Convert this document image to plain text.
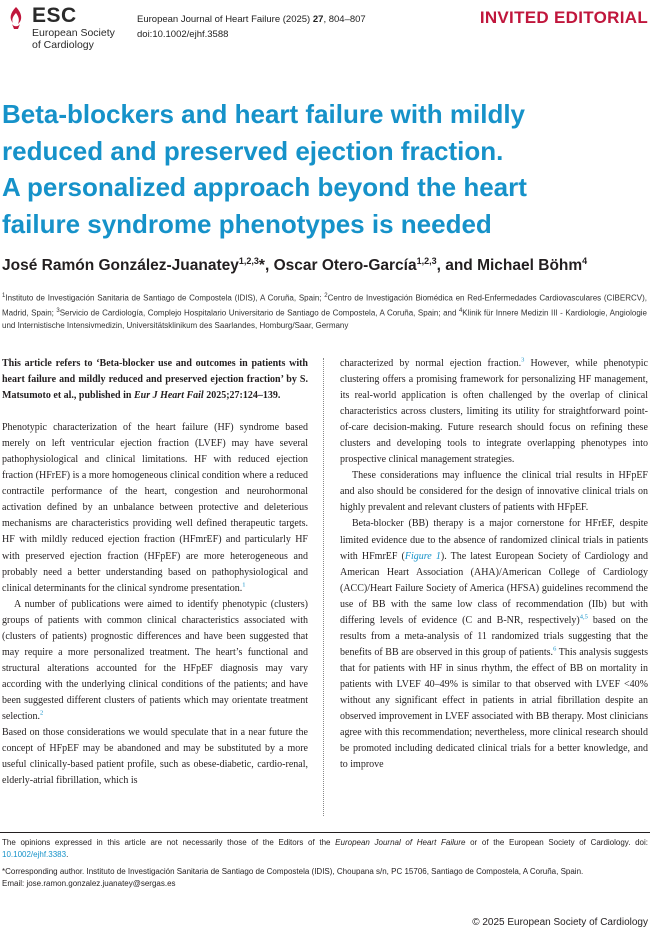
ESC
European Society
of Cardiology
European Journal of Heart Failure (2025) 27, 804–807
doi:10.1002/ejhf.3588
INVITED EDITORIAL
Beta-blockers and heart failure with mildly
reduced and preserved ejection fraction.
A personalized approach beyond the heart
failure syndrome phenotypes is needed
José Ramón González-Juanatey$^{1,2,3}$*, Oscar Otero-García$^{1,2,3}$, and Michael Böhm$^4$
$^1$Instituto de Investigación Sanitaria de Santiago de Compostela (IDIS), A Coruña, Spain; $^2$Centro de Investigación Biomédica en Red-Enfermedades Cardiovasculares (CIBERCV), Madrid, Spain; $^3$Servicio de Cardiología, Complejo Hospitalario Universitario de Santiago de Compostela, A Coruña, Spain; and $^4$Klinik für Innere Medizin III - Kardiologie, Angiologie und Internistische Intensivmedizin, Universitätsklinikum des Saarlandes, Homburg/Saar, Germany

This article refers to ‘Beta-blocker use and outcomes in patients with heart failure and mildly reduced and preserved ejection fraction’ by S. Matsumoto et al., published in Eur J Heart Fail 2025;27:124–139.

Phenotypic characterization of the heart failure (HF) syndrome based merely on left ventricular ejection fraction (LVEF) may have several pathophysiological and clinical limitations. HF with reduced ejection fraction (HFrEF) is a more homogeneous clinical condition where a reduced contractile performance of the heart, congestion and neurohormonal activation defined by an unbalance between protective and deleterious mechanisms are characteristics providing well defined therapeutic targets. HF with mildly reduced ejection fraction (HFmrEF) and particularly HF with preserved ejection fraction (HFpEF) are more heterogeneous and probably need a better understanding based on pathophysiological and clinical determinants for the clinical syndrome presentation.$^1$

A number of publications were aimed to identify phenotypic (clusters) groups of patients with common clinical characteristics associated with (clusters of patients) prognostic differences and have been suggested that may require a more personalized treatment. The heart’s functional and structural alterations accounted for the HFpEF diagnosis may vary according with the underlying clinical conditions of the patients; and have been suggested different clusters of patients which may orientate treatment selection.$^2$

Based on those considerations we would speculate that in a near future the concept of HFpEF may be abandoned and may be substituted by a more useful clinically-based patient profile, such as obese-diabetic, cardio-renal, elderly-atrial fibrillation, which is

characterized by normal ejection fraction.$^3$ However, while phenotypic clustering offers a promising framework for personalizing HF management, its real-world application is often challenged by the overlap of clinical characteristics across clusters, limiting its utility for straightforward point-of-care decision-making. Future research should focus on refining these clusters and developing tools to integrate overlapping phenotypes into prospective clinical management strategies.

These considerations may influence the clinical trial results in HFpEF and also should be considered for the design of innovative clinical trials on highly prevalent and relevant clusters of patients with HFpEF.

Beta-blocker (BB) therapy is a major cornerstone for HFrEF, despite limited evidence due to the absence of randomized clinical trials in patients with HFmrEF (Figure 1). The latest European Society of Cardiology and American Heart Association (AHA)/American College of Cardiology (ACC)/Heart Failure Society of America (HFSA) guidelines recommend the use of BB with the same low class of recommendation (IIb) but with differing levels of evidence (C and B-NR, respectively)$^{4,5}$ based on the results from a meta-analysis of 11 randomized trials suggesting that the benefits of BB are observed in this group of patients.$^6$ This analysis suggests that for patients with HF in sinus rhythm, the effect of BB on mortality in patients with LVEF 40–49% is similar to that observed with LVEF <40% without any significant effect in patients in atrial fibrillation despite an observed improvement in LVEF associated with BB therapy. Most clinicians agree with this recommendation; nevertheless, more clinical research should be promoted including dedicated clinical trials for a better knowledge, and to improve

The opinions expressed in this article are not necessarily those of the Editors of the European Journal of Heart Failure or of the European Society of Cardiology. doi: 10.1002/ejhf.3383.
*Corresponding author. Instituto de Investigación Sanitaria de Santiago de Compostela (IDIS), Choupana s/n, PC 15706, Santiago de Compostela, A Coruña, Spain.
Email: jose.ramon.gonzalez.juanatey@sergas.es
© 2025 European Society of Cardiology
